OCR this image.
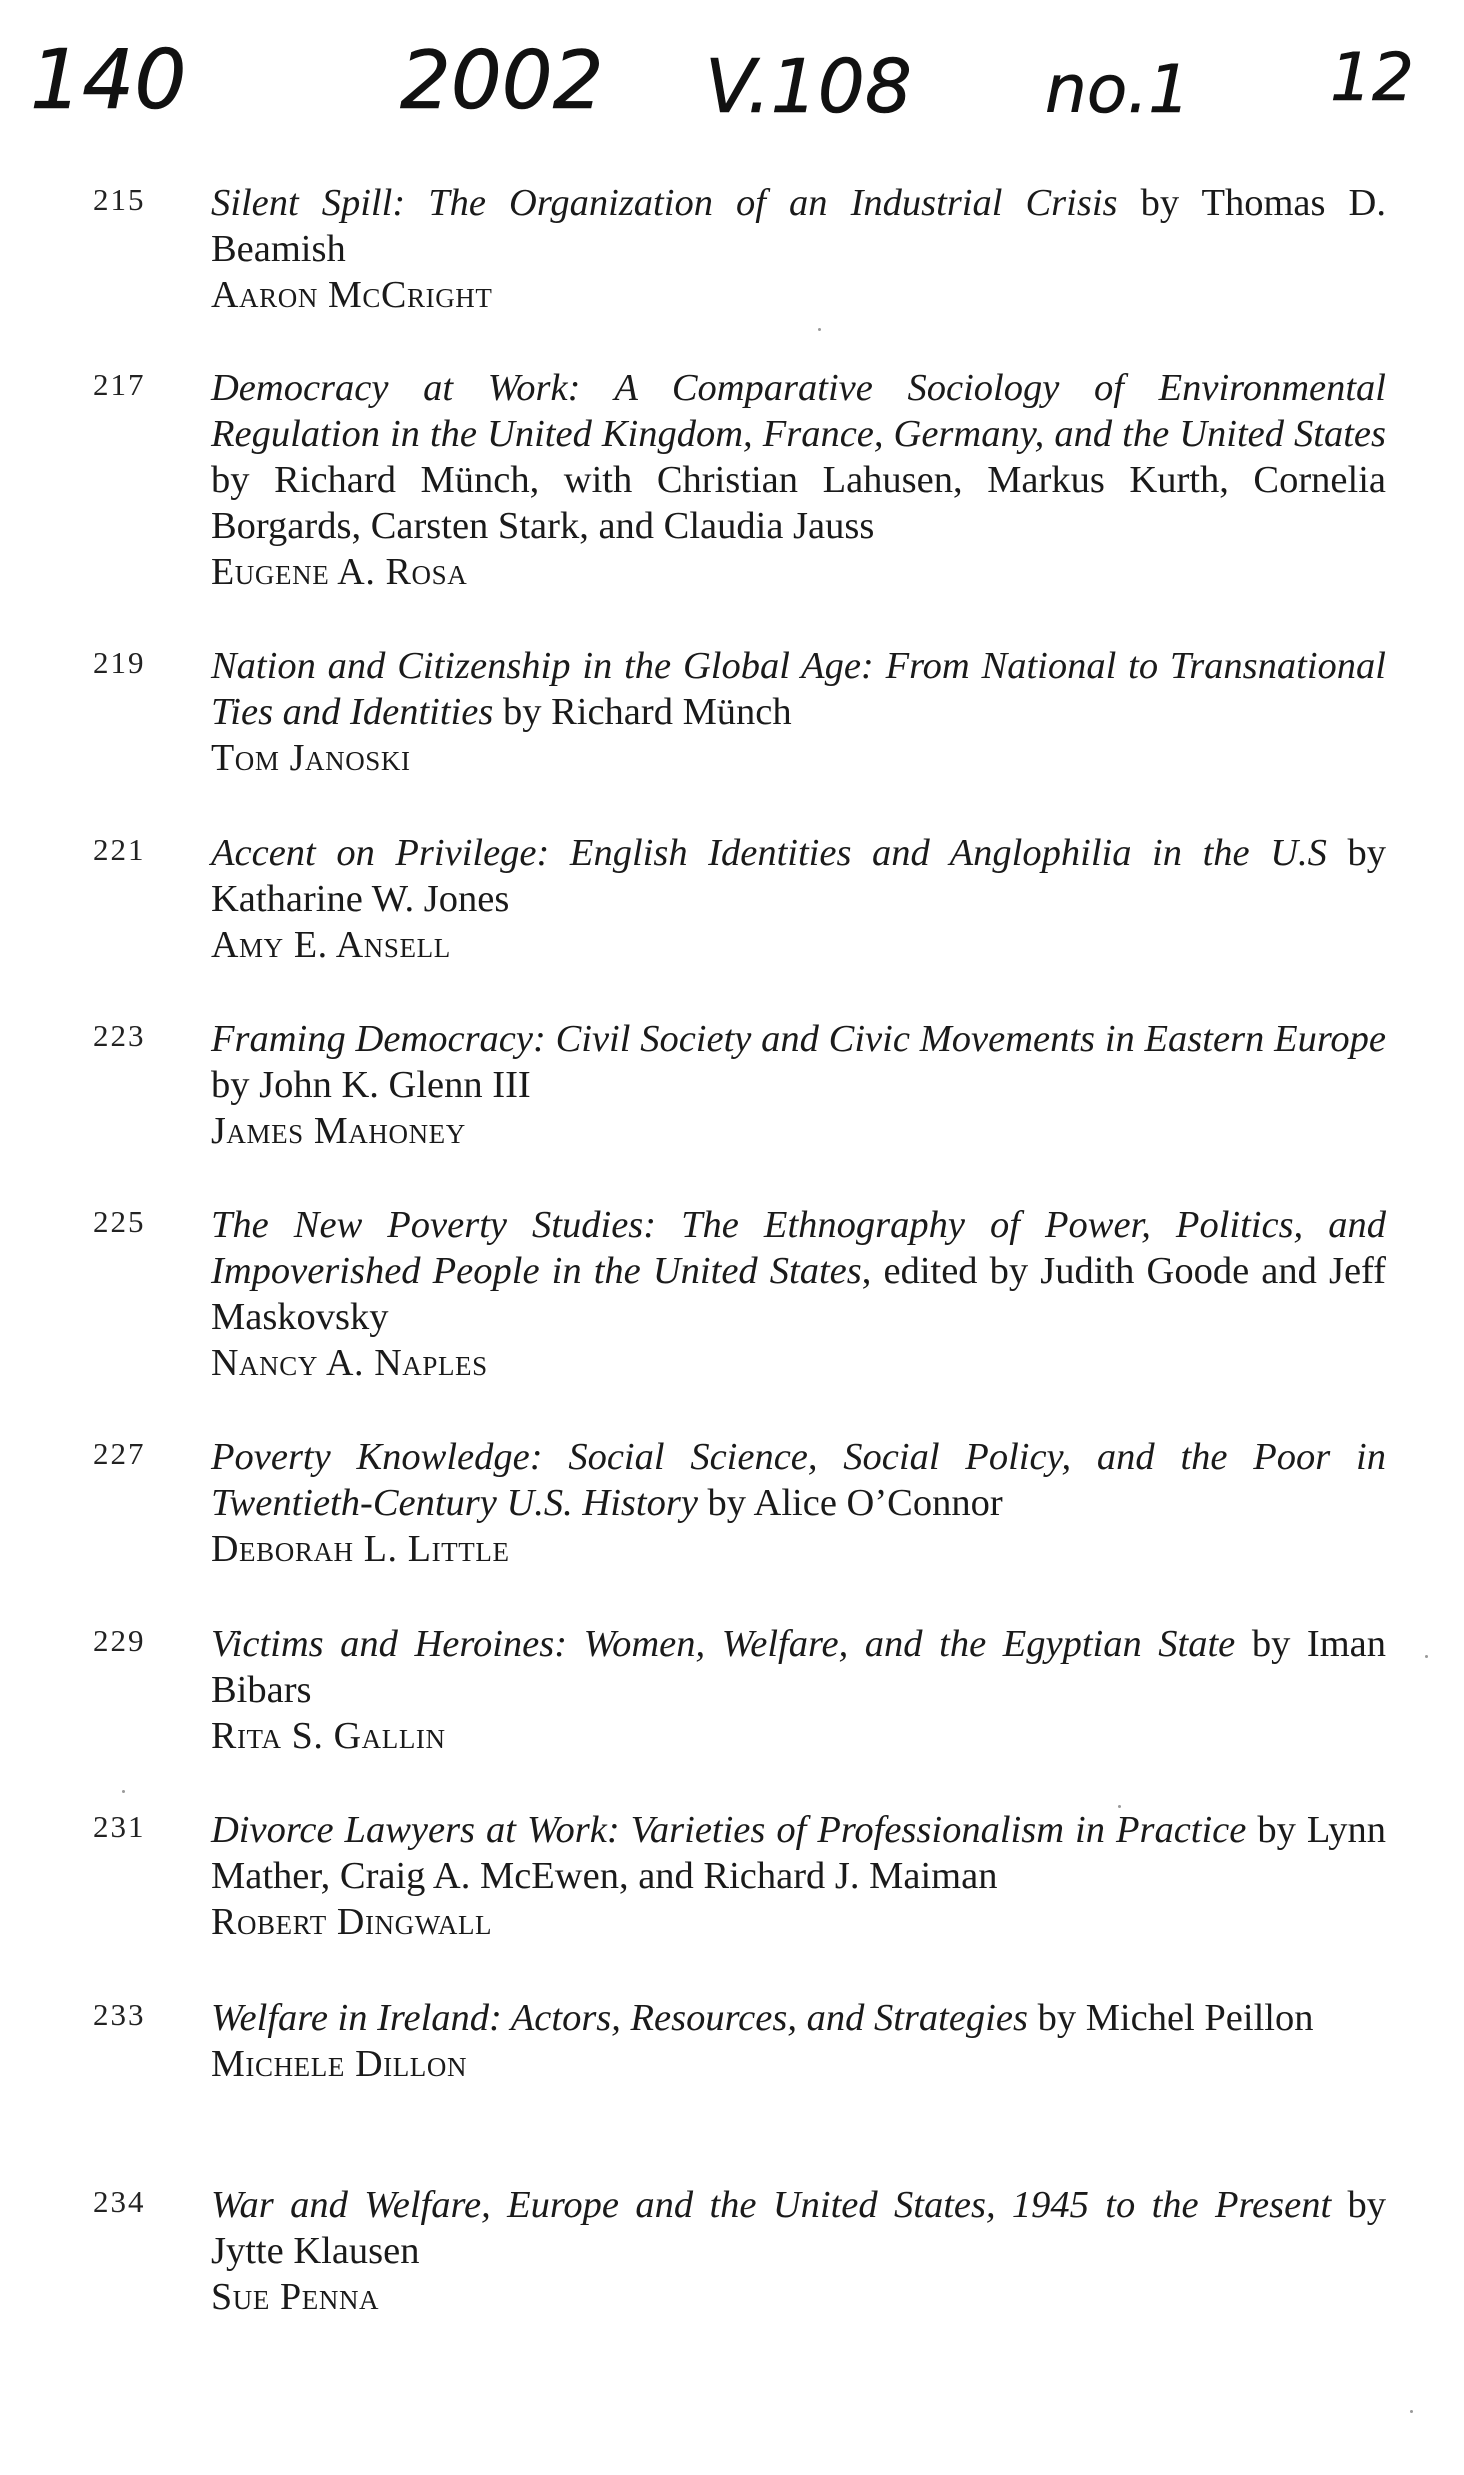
140	2002 V.108 no.1 12
215	Silent Spill: The Organization of an Industrial Crisis by Thomas D. Beamish
Aaron McCright
217	Democracy at Work: A Comparative Sociology of Environmental Regulation in the United Kingdom, France, Germany, and the United States by Richard Münch, with Christian Lahusen, Markus Kurth, Cornelia Borgards, Carsten Stark, and Claudia Jauss
Eugene A. Rosa
219	Nation and Citizenship in the Global Age: From National to Transnational Ties and Identities by Richard Münch
Tom Janoski
221	Accent on Privilege: English Identities and Anglophilia in the U.S by Katharine W. Jones
Amy E. Ansell
223	Framing Democracy: Civil Society and Civic Movements in Eastern Europe by John K. Glenn III
James Mahoney
225	The New Poverty Studies: The Ethnography of Power, Politics, and Impoverished People in the United States, edited by Judith Goode and Jeff Maskovsky
Nancy A. Naples
227	Poverty Knowledge: Social Science, Social Policy, and the Poor in Twentieth-Century U.S. History by Alice O’Connor
Deborah L. Little
229	Victims and Heroines: Women, Welfare, and the Egyptian State by Iman Bibars
Rita S. Gallin
231	Divorce Lawyers at Work: Varieties of Professionalism in Practice by Lynn Mather, Craig A. McEwen, and Richard J. Maiman
Robert Dingwall
233	Welfare in Ireland: Actors, Resources, and Strategies by Michel Peillon
Michele Dillon
234	War and Welfare, Europe and the United States, 1945 to the Present by Jytte Klausen
Sue Penna
